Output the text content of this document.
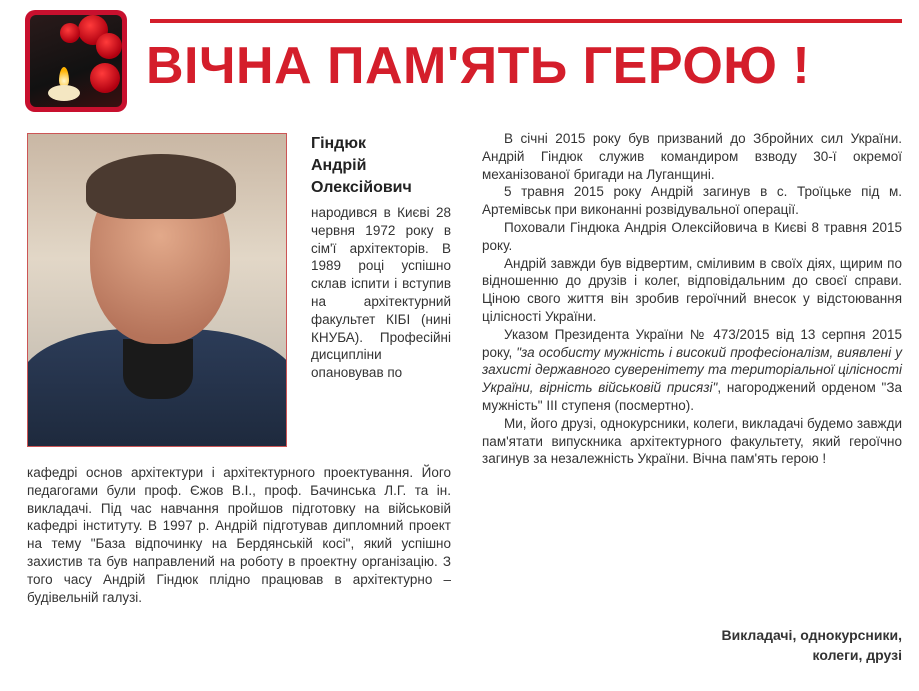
ВІЧНА ПАМ'ЯТЬ ГЕРОЮ !
Гіндюк
Андрій
Олексійович
народився в Києві 28 червня 1972 року в сім'ї архітекторів. В 1989 році успішно склав іспити і вступив на архітектурний факультет КІБІ (нині КНУБА). Професійні дисципліни опановував по
кафедрі основ архітектури і архітектурного проектування. Його педагогами були проф. Єжов В.І., проф. Бачинська Л.Г. та ін. викладачі. Під час навчання пройшов підготовку на військовій кафедрі інституту. В 1997 р. Андрій підготував дипломний проект на тему "База відпочинку на Бердянській косі", який успішно захистив та був направлений на роботу в проектну організацію. З того часу Андрій Гіндюк плідно працював в архітектурно – будівельній галузі.

В січні 2015 року був призваний до Збройних сил України. Андрій Гіндюк служив командиром взводу 30-ї окремої механізованої бригади на Луганщині.

5 травня 2015 року Андрій загинув в с. Троїцьке під м. Артемівськ при виконанні розвідувальної операції.

Поховали Гіндюка Андрія Олексійовича в Києві 8 травня 2015 року.

Андрій завжди був відвертим, сміливим в своїх діях, щирим по відношенню до друзів і колег, відповідальним до своєї справи. Ціною свого життя він зробив героїчний внесок у відстоювання цілісності України.

Указом Президента України № 473/2015 від 13 серпня 2015 року, "за особисту мужність і високий професіоналізм, виявлені у захисті державного суверенітету та територіальної цілісності України, вірність військовій присязі", нагороджений орденом "За мужність" III ступеня (посмертно).

Ми, його друзі, однокурсники, колеги, викладачі будемо завжди пам'ятати випускника архітектурного факультету, який героїчно загинув за незалежність України. Вічна пам'ять герою !

Викладачі, однокурсники,
колеги, друзі
